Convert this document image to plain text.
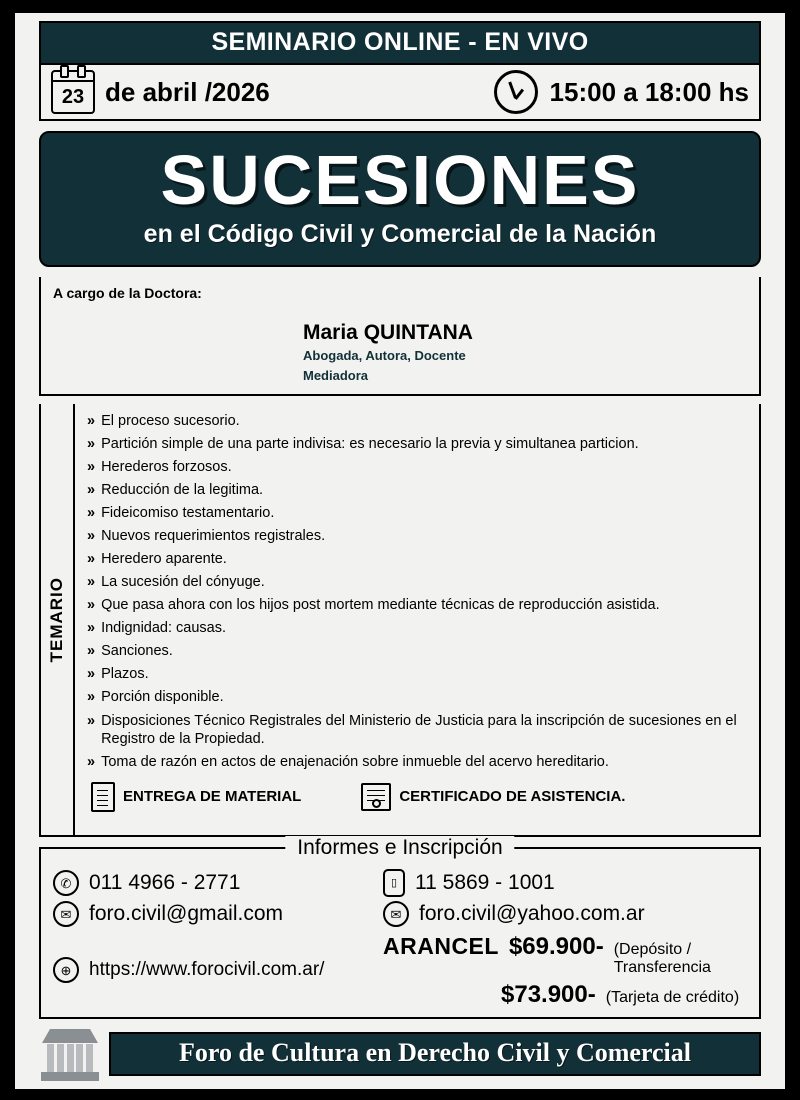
SEMINARIO ONLINE - EN VIVO
23 de abril /2026	15:00 a 18:00 hs
SUCESIONES
en el Código Civil y Comercial de la Nación
A cargo de la Doctora:
Maria QUINTANA
Abogada, Autora, Docente
Mediadora
TEMARIO
» El proceso sucesorio.
» Partición simple de una parte indivisa: es necesario la previa y simultanea particion.
» Herederos forzosos.
» Reducción de la legitima.
» Fideicomiso testamentario.
» Nuevos requerimientos registrales.
» Heredero aparente.
» La sucesión del cónyuge.
» Que pasa ahora con los hijos post mortem mediante técnicas de reproducción asistida.
» Indignidad: causas.
» Sanciones.
» Plazos.
» Porción disponible.
» Disposiciones Técnico Registrales del Ministerio de Justicia para la inscripción de sucesiones en el Registro de la Propiedad.
» Toma de razón en actos de enajenación sobre inmueble del acervo hereditario.
ENTREGA DE MATERIAL	CERTIFICADO DE ASISTENCIA.
Informes e Inscripción
✆ 011 4966 - 2771	▯ 11 5869 - 1001
✉ foro.civil@gmail.com	✉ foro.civil@yahoo.com.ar
⊕ https://www.forocivil.com.ar/
ARANCEL $69.900- (Depósito / Transferencia
$73.900- (Tarjeta de crédito)
Foro de Cultura en Derecho Civil y Comercial
